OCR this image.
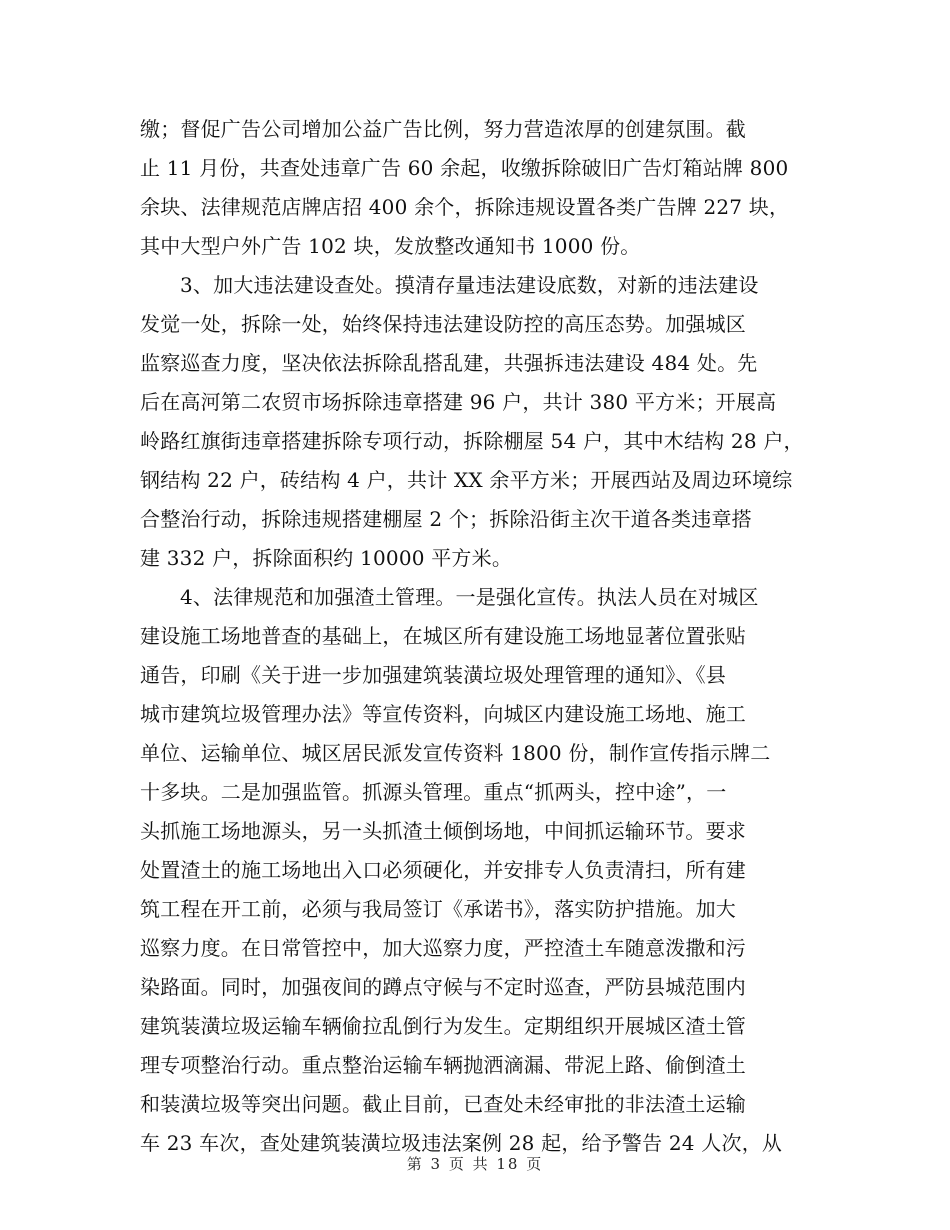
缴；督促广告公司增加公益广告比例，努力营造浓厚的创建氛围。截
止 11 月份，共查处违章广告 60 余起，收缴拆除破旧广告灯箱站牌 800
余块、法律规范店牌店招 400 余个，拆除违规设置各类广告牌 227 块，
其中大型户外广告 102 块，发放整改通知书 1000 份。
3、加大违法建设查处。摸清存量违法建设底数，对新的违法建设
发觉一处，拆除一处，始终保持违法建设防控的高压态势。加强城区
监察巡查力度，坚决依法拆除乱搭乱建，共强拆违法建设 484 处。先
后在高河第二农贸市场拆除违章搭建 96 户，共计 380 平方米；开展高
岭路红旗街违章搭建拆除专项行动，拆除棚屋 54 户，其中木结构 28 户，
钢结构 22 户，砖结构 4 户，共计 XX 余平方米；开展西站及周边环境综
合整治行动，拆除违规搭建棚屋 2 个；拆除沿街主次干道各类违章搭
建 332 户，拆除面积约 10000 平方米。
4、法律规范和加强渣土管理。一是强化宣传。执法人员在对城区
建设施工场地普查的基础上，在城区所有建设施工场地显著位置张贴
通告，印刷《关于进一步加强建筑装潢垃圾处理管理的通知》、《县
城市建筑垃圾管理办法》等宣传资料，向城区内建设施工场地、施工
单位、运输单位、城区居民派发宣传资料 1800 份，制作宣传指示牌二
十多块。二是加强监管。抓源头管理。重点“抓两头，控中途”，一
头抓施工场地源头，另一头抓渣土倾倒场地，中间抓运输环节。要求
处置渣土的施工场地出入口必须硬化，并安排专人负责清扫，所有建
筑工程在开工前，必须与我局签订《承诺书》，落实防护措施。加大
巡察力度。在日常管控中，加大巡察力度，严控渣土车随意泼撒和污
染路面。同时，加强夜间的蹲点守候与不定时巡查，严防县城范围内
建筑装潢垃圾运输车辆偷拉乱倒行为发生。定期组织开展城区渣土管
理专项整治行动。重点整治运输车辆抛洒滴漏、带泥上路、偷倒渣土
和装潢垃圾等突出问题。截止目前，已查处未经审批的非法渣土运输
车 23 车次，查处建筑装潢垃圾违法案例 28 起，给予警告 24 人次，从
第 3 页 共 18 页
